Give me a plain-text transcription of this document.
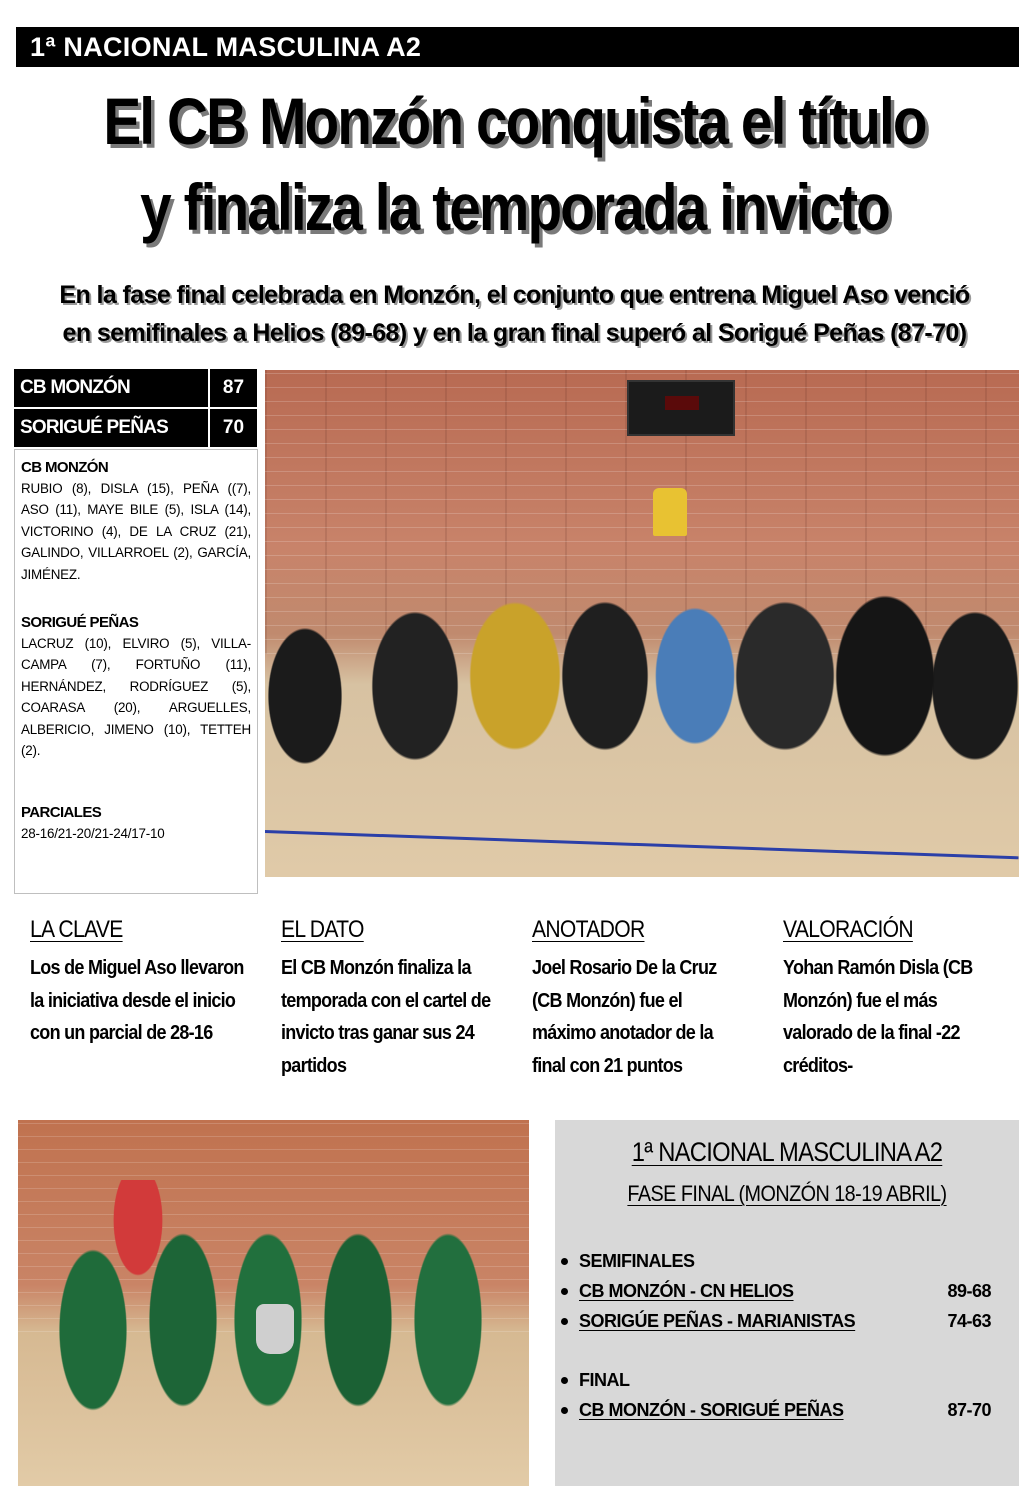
1ª NACIONAL MASCULINA A2
El CB Monzón conquista el título
y finaliza la temporada invicto
En la fase final celebrada en Monzón, el conjunto que entrena Miguel Aso venció
en semifinales a Helios (89-68) y en la gran final superó al Sorigué Peñas (87-70)
CB MONZÓN	87
SORIGUÉ PEÑAS	70
CB MONZÓN
RUBIO (8), DISLA (15), PEÑA ((7), ASO (11), MAYE BILE (5), ISLA (14), VICTORINO (4), DE LA CRUZ (21), GALINDO, VILLARROEL (2), GARCÍA, JIMÉNEZ.
SORIGUÉ PEÑAS
LACRUZ (10), ELVIRO (5), VILLA-CAMPA (7), FORTUÑO (11), HERNÁNDEZ, RODRÍGUEZ (5), COARASA (20), ARGUELLES, ALBERICIO, JIMENO (10), TETTEH (2).
PARCIALES
28-16/21-20/21-24/17-10
LA CLAVE
Los de Miguel Aso llevaron la iniciativa desde el inicio con un parcial de 28-16
EL DATO
El CB Monzón finaliza la temporada con el cartel de invicto tras ganar sus 24 partidos
ANOTADOR
Joel Rosario De la Cruz (CB Monzón) fue el máximo anotador de la final con 21 puntos
VALORACIÓN
Yohan Ramón Disla (CB Monzón) fue el más valorado de la final -22 créditos-
1ª NACIONAL MASCULINA A2
FASE FINAL (MONZÓN 18-19 ABRIL)
SEMIFINALES
CB MONZÓN - CN HELIOS	89-68
SORIGÚE PEÑAS - MARIANISTAS	74-63
FINAL
CB MONZÓN - SORIGUÉ PEÑAS	87-70
